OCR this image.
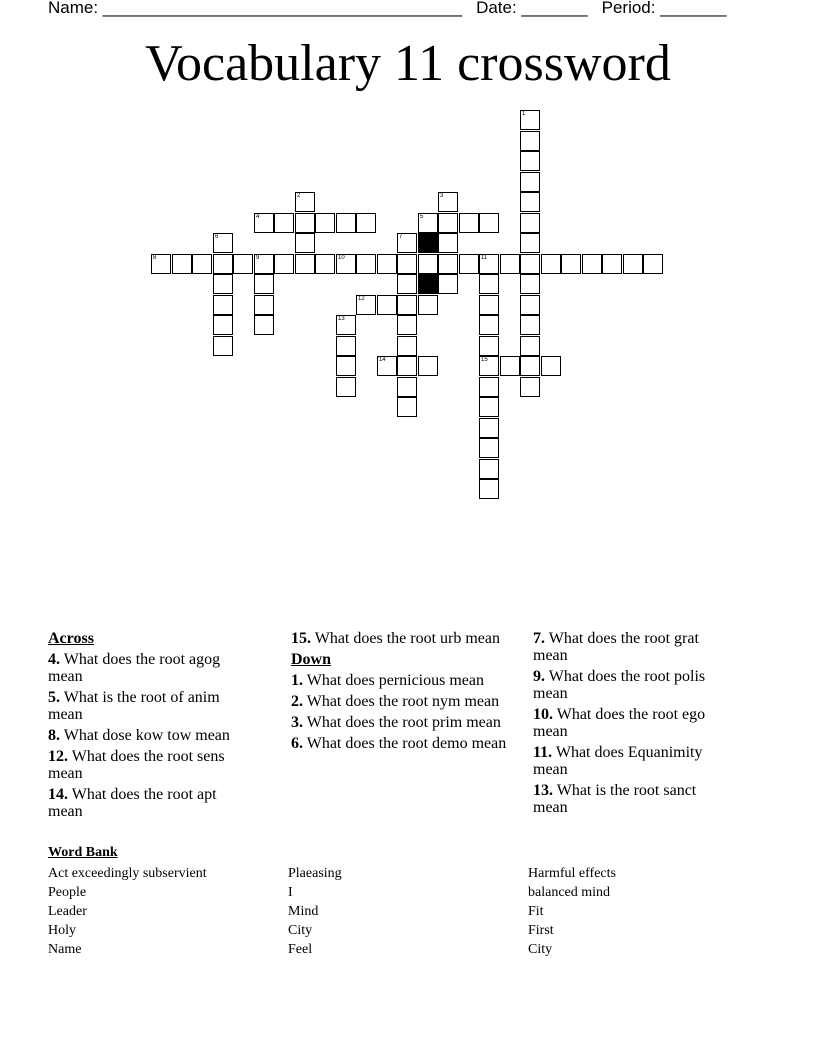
Name: ______________________________________ Date: _______ Period: _______
Vocabulary 11 crossword
1
2	3
6	7
9
13
11
15
4	5
8	10
12
14
Across
4. What does the root agog mean
5. What is the root of anim mean
8. What dose kow tow mean
12. What does the root sens mean
14. What does the root apt mean
15. What does the root urb mean
Down
1. What does pernicious mean
2. What does the root nym mean
3. What does the root prim mean
6. What does the root demo mean
7. What does the root grat mean
9. What does the root polis mean
10. What does the root ego mean
11. What does Equanimity mean
13. What is the root sanct mean
Word Bank
Act exceedingly subservient
People
Leader
Holy
Name
Plaeasing
I
Mind
City
Feel
Harmful effects
balanced mind
Fit
First
City
